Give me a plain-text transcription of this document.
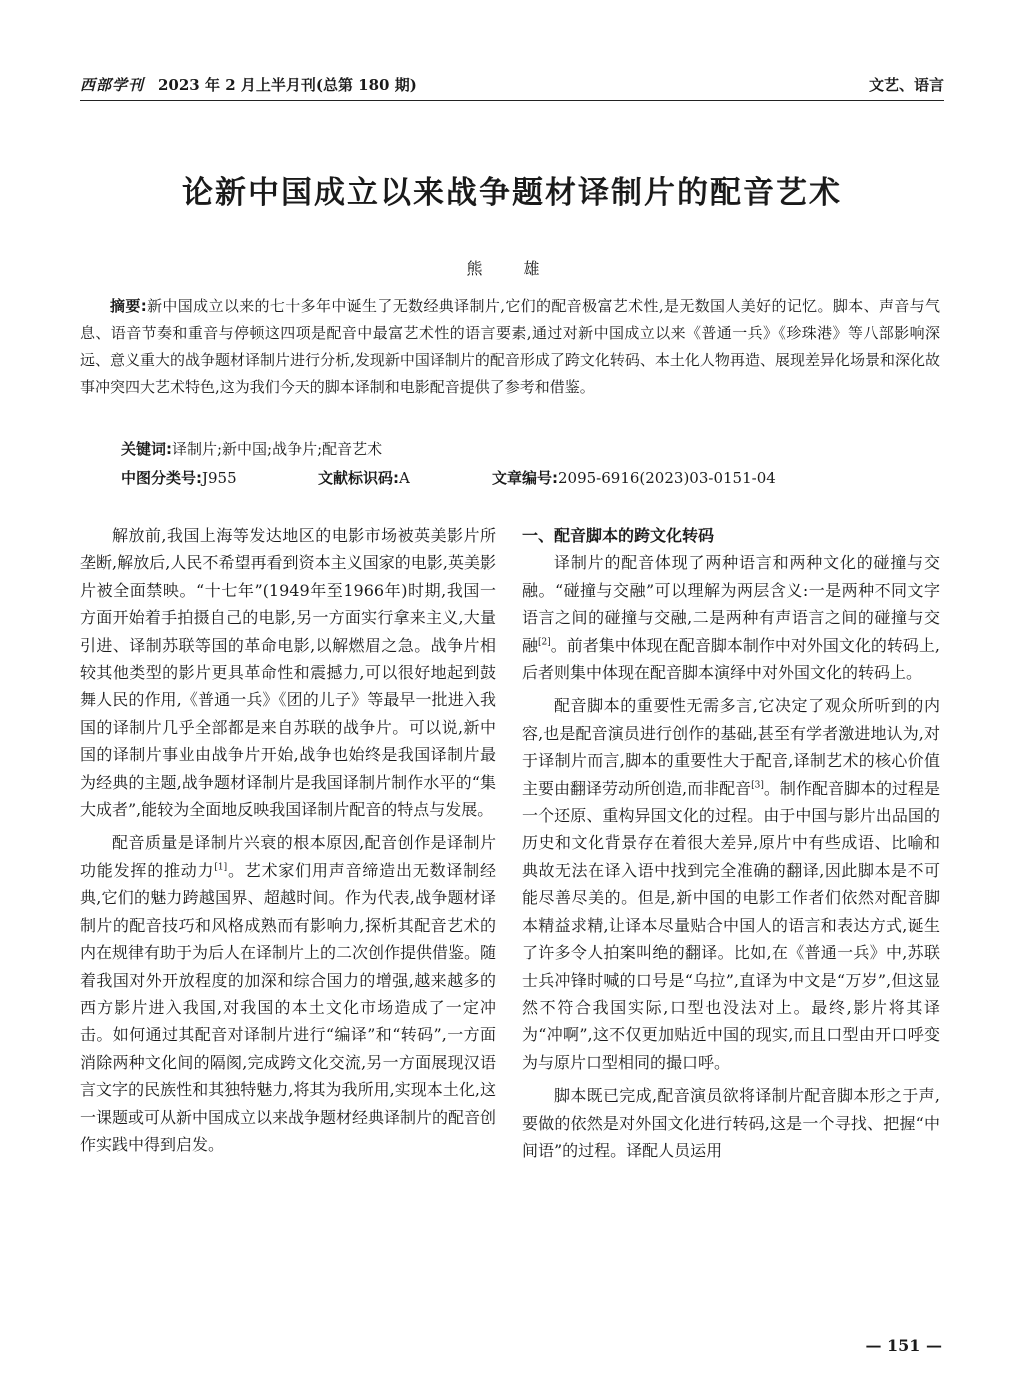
西部学刊 2023 年 2 月上半月刊(总第 180 期)	文艺、语言
论新中国成立以来战争题材译制片的配音艺术
熊 雄

摘要:新中国成立以来的七十多年中诞生了无数经典译制片,它们的配音极富艺术性,是无数国人美好的记忆。脚本、声音与气息、语音节奏和重音与停顿这四项是配音中最富艺术性的语言要素,通过对新中国成立以来《普通一兵》《珍珠港》等八部影响深远、意义重大的战争题材译制片进行分析,发现新中国译制片的配音形成了跨文化转码、本土化人物再造、展现差异化场景和深化故事冲突四大艺术特色,这为我们今天的脚本译制和电影配音提供了参考和借鉴。

关键词:译制片;新中国;战争片;配音艺术
中图分类号:J955	文献标识码:A	文章编号:2095-6916(2023)03-0151-04

解放前,我国上海等发达地区的电影市场被英美影片所垄断,解放后,人民不希望再看到资本主义国家的电影,英美影片被全面禁映。“十七年”(1949年至1966年)时期,我国一方面开始着手拍摄自己的电影,另一方面实行拿来主义,大量引进、译制苏联等国的革命电影,以解燃眉之急。战争片相较其他类型的影片更具革命性和震撼力,可以很好地起到鼓舞人民的作用,《普通一兵》《团的儿子》等最早一批进入我国的译制片几乎全部都是来自苏联的战争片。可以说,新中国的译制片事业由战争片开始,战争也始终是我国译制片最为经典的主题,战争题材译制片是我国译制片制作水平的“集大成者”,能较为全面地反映我国译制片配音的特点与发展。

配音质量是译制片兴衰的根本原因,配音创作是译制片功能发挥的推动力[1]。艺术家们用声音缔造出无数译制经典,它们的魅力跨越国界、超越时间。作为代表,战争题材译制片的配音技巧和风格成熟而有影响力,探析其配音艺术的内在规律有助于为后人在译制片上的二次创作提供借鉴。随着我国对外开放程度的加深和综合国力的增强,越来越多的西方影片进入我国,对我国的本土文化市场造成了一定冲击。如何通过其配音对译制片进行“编译”和“转码”,一方面消除两种文化间的隔阂,完成跨文化交流,另一方面展现汉语言文字的民族性和其独特魅力,将其为我所用,实现本土化,这一课题或可从新中国成立以来战争题材经典译制片的配音创作实践中得到启发。

一、配音脚本的跨文化转码

译制片的配音体现了两种语言和两种文化的碰撞与交融。“碰撞与交融”可以理解为两层含义:一是两种不同文字语言之间的碰撞与交融,二是两种有声语言之间的碰撞与交融[2]。前者集中体现在配音脚本制作中对外国文化的转码上,后者则集中体现在配音脚本演绎中对外国文化的转码上。

配音脚本的重要性无需多言,它决定了观众所听到的内容,也是配音演员进行创作的基础,甚至有学者激进地认为,对于译制片而言,脚本的重要性大于配音,译制艺术的核心价值主要由翻译劳动所创造,而非配音[3]。制作配音脚本的过程是一个还原、重构异国文化的过程。由于中国与影片出品国的历史和文化背景存在着很大差异,原片中有些成语、比喻和典故无法在译入语中找到完全准确的翻译,因此脚本是不可能尽善尽美的。但是,新中国的电影工作者们依然对配音脚本精益求精,让译本尽量贴合中国人的语言和表达方式,诞生了许多令人拍案叫绝的翻译。比如,在《普通一兵》中,苏联士兵冲锋时喊的口号是“乌拉”,直译为中文是“万岁”,但这显然不符合我国实际,口型也没法对上。最终,影片将其译为“冲啊”,这不仅更加贴近中国的现实,而且口型由开口呼变为与原片口型相同的撮口呼。

脚本既已完成,配音演员欲将译制片配音脚本形之于声,要做的依然是对外国文化进行转码,这是一个寻找、把握“中间语”的过程。译配人员运用

— 151 —
